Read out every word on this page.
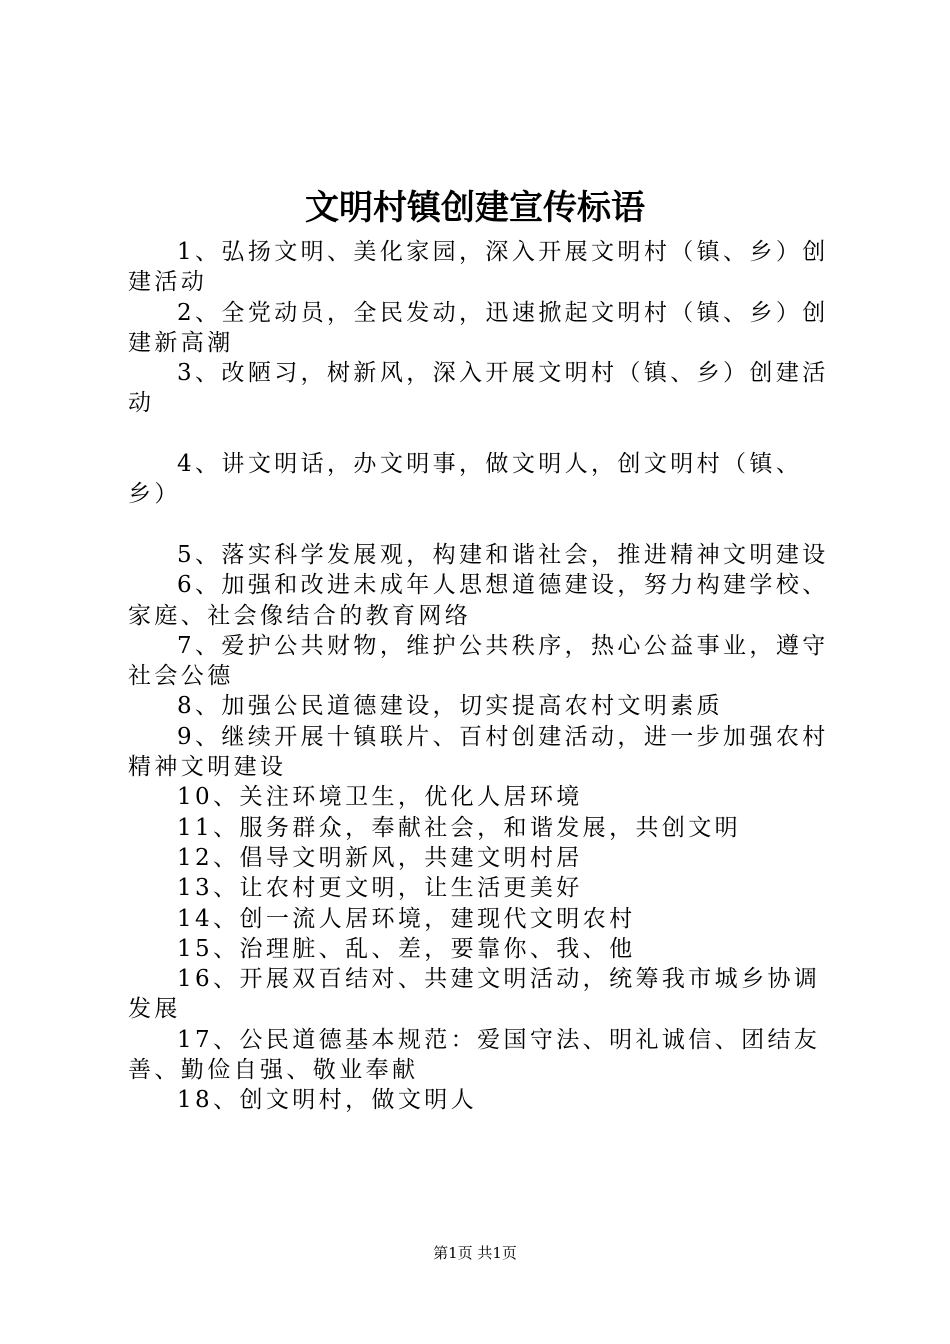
文明村镇创建宣传标语

1、弘扬文明、美化家园，深入开展文明村（镇、乡）创建活动

2、全党动员，全民发动，迅速掀起文明村（镇、乡）创建新高潮

3、改陋习，树新风，深入开展文明村（镇、乡）创建活动

4、讲文明话，办文明事，做文明人，创文明村（镇、乡）

5、落实科学发展观，构建和谐社会，推进精神文明建设

6、加强和改进未成年人思想道德建设，努力构建学校、家庭、社会像结合的教育网络

7、爱护公共财物，维护公共秩序，热心公益事业，遵守社会公德

8、加强公民道德建设，切实提高农村文明素质

9、继续开展十镇联片、百村创建活动，进一步加强农村精神文明建设

10、关注环境卫生，优化人居环境

11、服务群众，奉献社会，和谐发展，共创文明

12、倡导文明新风，共建文明村居

13、让农村更文明，让生活更美好

14、创一流人居环境，建现代文明农村

15、治理脏、乱、差，要靠你、我、他

16、开展双百结对、共建文明活动，统筹我市城乡协调发展

17、公民道德基本规范：爱国守法、明礼诚信、团结友善、勤俭自强、敬业奉献

18、创文明村，做文明人

第1页 共1页
